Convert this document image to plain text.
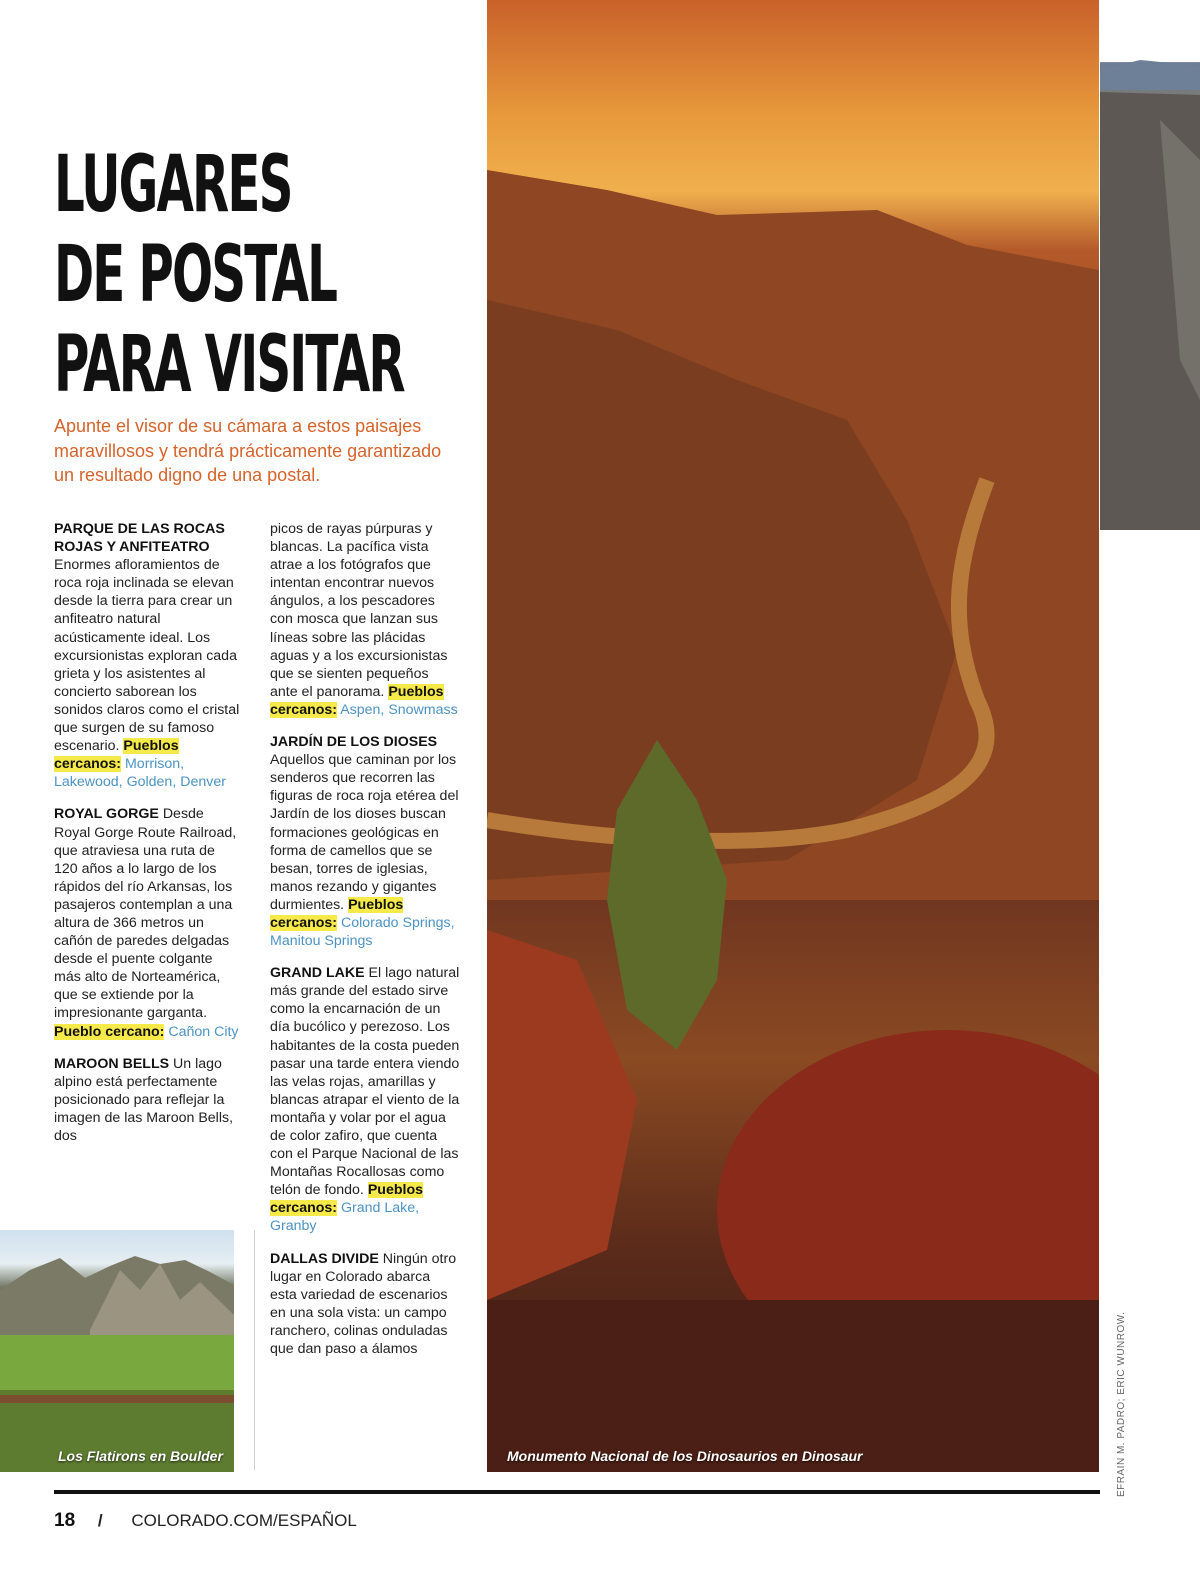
LUGARES
DE POSTAL
PARA VISITAR

Apunte el visor de su cámara a estos paisajes maravillosos y tendrá prácticamente garantizado un resultado digno de una postal.

PARQUE DE LAS ROCAS ROJAS Y ANFITEATRO
Enormes afloramientos de roca roja inclinada se elevan desde la tierra para crear un anfiteatro natural acústicamente ideal. Los excursionistas exploran cada grieta y los asistentes al concierto saborean los sonidos claros como el cristal que surgen de su famoso escenario. Pueblos cercanos: Morrison, Lakewood, Golden, Denver

ROYAL GORGE Desde Royal Gorge Route Railroad, que atraviesa una ruta de 120 años a lo largo de los rápidos del río Arkansas, los pasajeros contemplan a una altura de 366 metros un cañón de paredes delgadas desde el puente colgante más alto de Norteamérica, que se extiende por la impresionante garganta. Pueblo cercano: Cañon City

MAROON BELLS Un lago alpino está perfectamente posicionado para reflejar la imagen de las Maroon Bells, dos

picos de rayas púrpuras y blancas. La pacífica vista atrae a los fotógrafos que intentan encontrar nuevos ángulos, a los pescadores con mosca que lanzan sus líneas sobre las plácidas aguas y a los excursionistas que se sienten pequeños ante el panorama. Pueblos cercanos: Aspen, Snowmass

JARDÍN DE LOS DIOSES
Aquellos que caminan por los senderos que recorren las figuras de roca roja etérea del Jardín de los dioses buscan formaciones geológicas en forma de camellos que se besan, torres de iglesias, manos rezando y gigantes durmientes. Pueblos cercanos: Colorado Springs, Manitou Springs

GRAND LAKE El lago natural más grande del estado sirve como la encarnación de un día bucólico y perezoso. Los habitantes de la costa pueden pasar una tarde entera viendo las velas rojas, amarillas y blancas atrapar el viento de la montaña y volar por el agua de color zafiro, que cuenta con el Parque Nacional de las Montañas Rocallosas como telón de fondo. Pueblos cercanos: Grand Lake, Granby

DALLAS DIVIDE Ningún otro lugar en Colorado abarca esta variedad de escenarios en una sola vista: un campo ranchero, colinas onduladas que dan paso a álamos

Los Flatirons en Boulder	Monumento Nacional de los Dinosaurios en Dinosaur	EFRAIN M. PADRO; ERIC WUNROW.
18 / COLORADO.COM/ESPAÑOL
